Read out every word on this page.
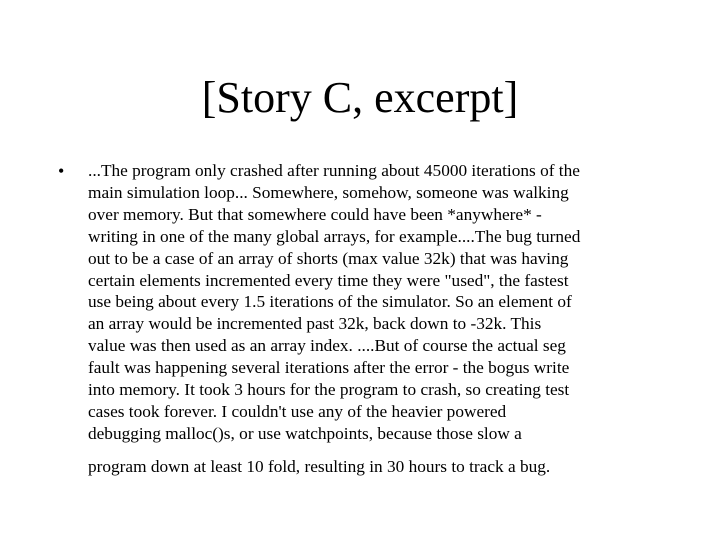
[Story C, excerpt]
• ...The program only crashed after running about 45000 iterations of the
main simulation loop... Somewhere, somehow, someone was walking
over memory. But that somewhere could have been *anywhere* -
writing in one of the many global arrays, for example....The bug turned
out to be a case of an array of shorts (max value 32k) that was having
certain elements incremented every time they were "used", the fastest
use being about every 1.5 iterations of the simulator. So an element of
an array would be incremented past 32k, back down to -32k. This
value was then used as an array index. ....But of course the actual seg
fault was happening several iterations after the error - the bogus write
into memory. It took 3 hours for the program to crash, so creating test
cases took forever. I couldn't use any of the heavier powered
debugging malloc()s, or use watchpoints, because those slow a
program down at least 10 fold, resulting in 30 hours to track a bug.
